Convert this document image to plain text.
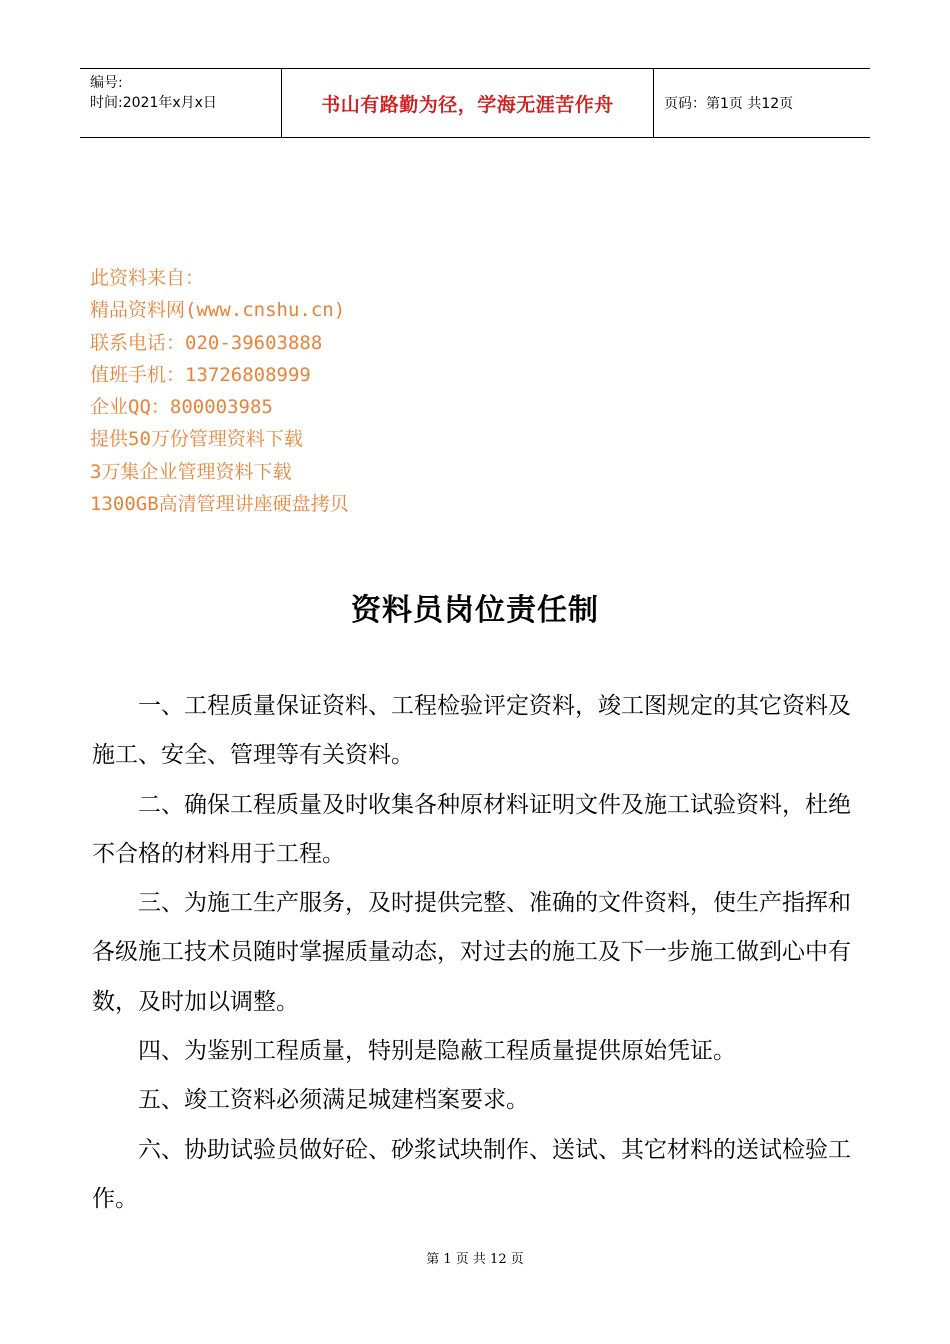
编号:
时间:2021年x月x日	书山有路勤为径，学海无涯苦作舟	页码：第1页 共12页
此资料来自：
精品资料网(www.cnshu.cn)
联系电话：020-39603888
值班手机：13726808999
企业QQ：800003985
提供50万份管理资料下载
3万集企业管理资料下载
1300GB高清管理讲座硬盘拷贝
资料员岗位责任制

一、工程质量保证资料、工程检验评定资料，竣工图规定的其它资料及施工、安全、管理等有关资料。

二、确保工程质量及时收集各种原材料证明文件及施工试验资料，杜绝不合格的材料用于工程。

三、为施工生产服务，及时提供完整、准确的文件资料，使生产指挥和各级施工技术员随时掌握质量动态，对过去的施工及下一步施工做到心中有数，及时加以调整。

四、为鉴别工程质量，特别是隐蔽工程质量提供原始凭证。

五、竣工资料必须满足城建档案要求。

六、协助试验员做好砼、砂浆试块制作、送试、其它材料的送试检验工作。

第 1 页 共 12 页
